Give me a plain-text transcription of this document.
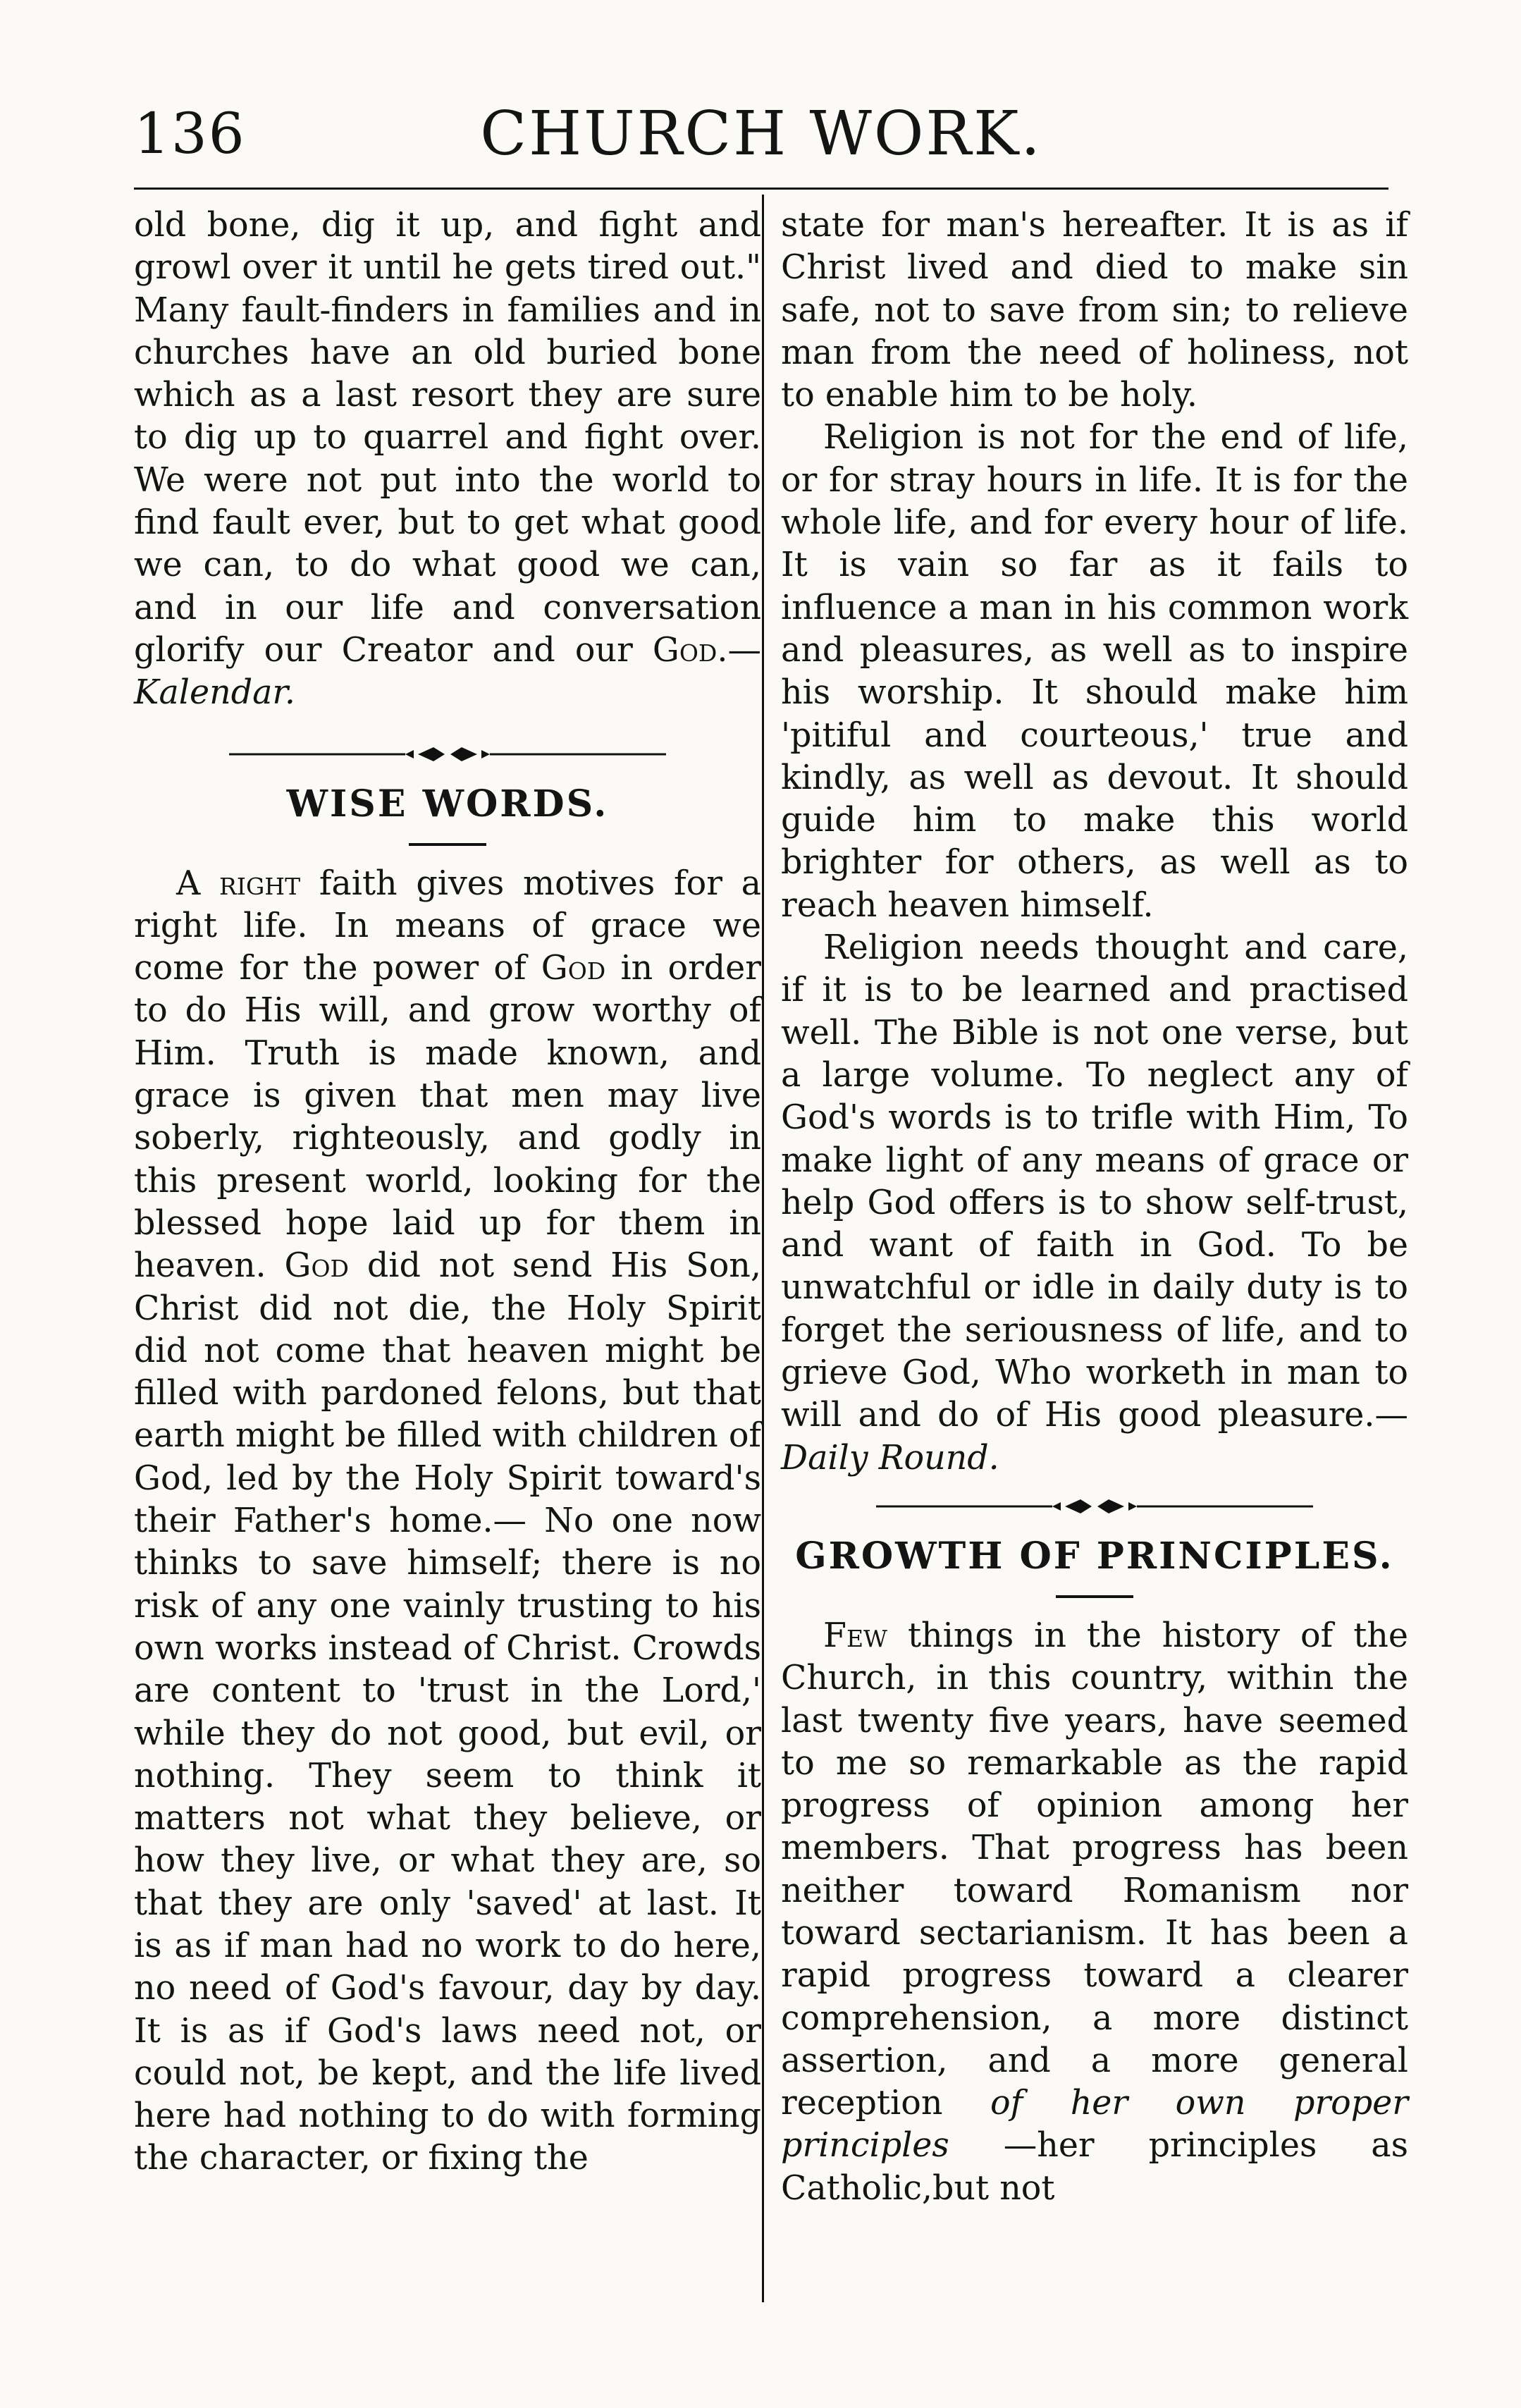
136	CHURCH WORK.

old bone, dig it up, and fight and growl over it until he gets tired out." Many fault-finders in families and in churches have an old buried bone which as a last resort they are sure to dig up to quarrel and fight over. We were not put into the world to find fault ever, but to get what good we can, to do what good we can, and in our life and conversation glorify our Creator and our God.—Kalendar.

WISE WORDS.

A right faith gives motives for a right life. In means of grace we come for the power of God in order to do His will, and grow worthy of Him. Truth is made known, and grace is given that men may live soberly, righteously, and godly in this present world, looking for the blessed hope laid up for them in heaven. God did not send His Son, Christ did not die, the Holy Spirit did not come that heaven might be filled with pardoned felons, but that earth might be filled with children of God, led by the Holy Spirit toward's their Father's home.— No one now thinks to save himself; there is no risk of any one vainly trusting to his own works instead of Christ. Crowds are content to 'trust in the Lord,' while they do not good, but evil, or nothing. They seem to think it matters not what they believe, or how they live, or what they are, so that they are only 'saved' at last. It is as if man had no work to do here, no need of God's favour, day by day. It is as if God's laws need not, or could not, be kept, and the life lived here had nothing to do with forming the character, or fixing the

state for man's hereafter. It is as if Christ lived and died to make sin safe, not to save from sin; to relieve man from the need of holiness, not to enable him to be holy.

Religion is not for the end of life, or for stray hours in life. It is for the whole life, and for every hour of life. It is vain so far as it fails to influence a man in his common work and pleasures, as well as to inspire his worship. It should make him 'pitiful and courteous,' true and kindly, as well as devout. It should guide him to make this world brighter for others, as well as to reach heaven himself.

Religion needs thought and care, if it is to be learned and practised well. The Bible is not one verse, but a large volume. To neglect any of God's words is to trifle with Him, To make light of any means of grace or help God offers is to show self-trust, and want of faith in God. To be unwatchful or idle in daily duty is to forget the seriousness of life, and to grieve God, Who worketh in man to will and do of His good pleasure.— Daily Round.

GROWTH OF PRINCIPLES.

Few things in the history of the Church, in this country, within the last twenty five years, have seemed to me so remarkable as the rapid progress of opinion among her members. That progress has been neither toward Romanism nor toward sectarianism. It has been a rapid progress toward a clearer comprehension, a more distinct assertion, and a more general reception of her own proper principles —her principles as Catholic,but not
